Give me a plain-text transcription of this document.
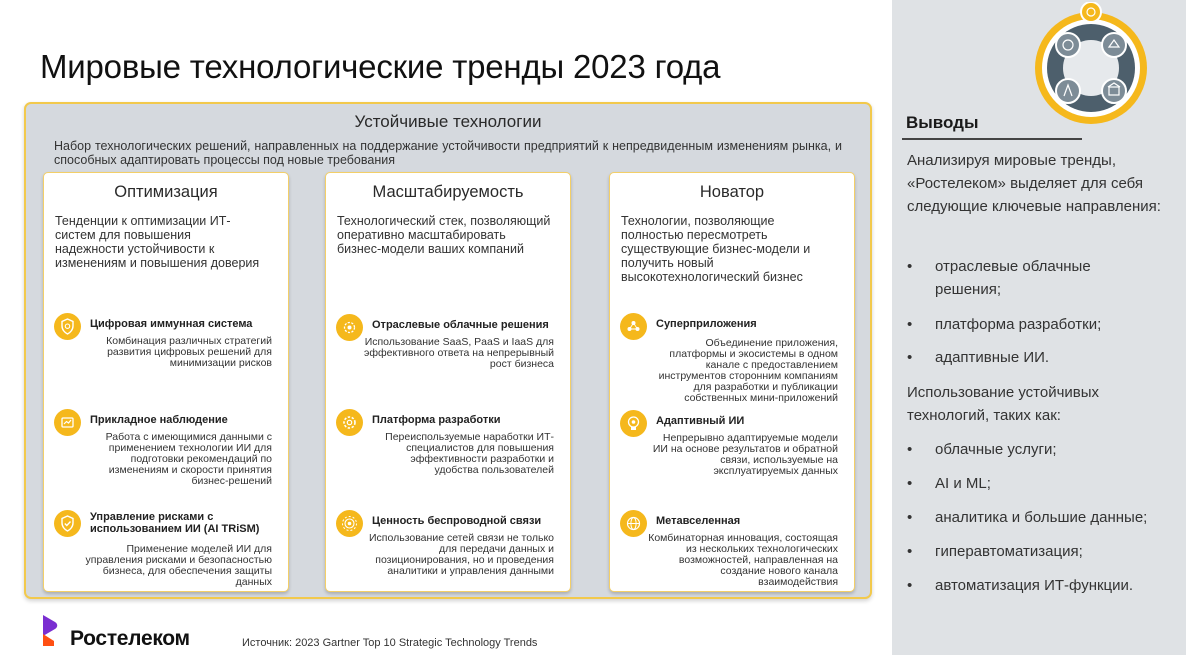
Мировые технологические тренды 2023 года
Устойчивые технологии
Набор технологических решений, направленных на поддержание устойчивости предприятий к непредвиденным изменениям рынка, и способных адаптировать процессы под новые требования
Оптимизация
Тенденции к оптимизации ИТ-систем для повышения надежности устойчивости к изменениям и повышения доверия
Цифровая иммунная система
Комбинация различных стратегий развития цифровых решений для минимизации рисков
Прикладное наблюдение
Работа с имеющимися данными с применением технологии ИИ для подготовки рекомендаций по изменениям и скорости принятия бизнес-решений
Управление рисками с использованием ИИ (AI TRiSM)
Применение моделей ИИ для управления рисками и безопасностью бизнеса, для обеспечения защиты данных
Масштабируемость
Технологический стек, позволяющий оперативно масштабировать бизнес-модели ваших компаний
Отраслевые облачные решения
Использование SaaS, PaaS и IaaS для эффективного ответа на непрерывный рост бизнеса
Платформа разработки
Переиспользуемые наработки ИТ-специалистов для повышения эффективности разработки и удобства пользователей
Ценность беспроводной связи
Использование сетей связи не только для передачи данных и позиционирования, но и проведения аналитики и управления данными
Новатор
Технологии, позволяющие полностью пересмотреть существующие бизнес-модели и получить новый высокотехнологический бизнес
Суперприложения
Объединение приложения, платформы и экосистемы в одном канале с предоставлением инструментов сторонним компаниям для разработки и публикации собственных мини-приложений
Адаптивный ИИ
Непрерывно адаптируемые модели ИИ на основе результатов и обратной связи, используемые на эксплуатируемых данных
Метавселенная
Комбинаторная инновация, состоящая из нескольких технологических возможностей, направленная на создание нового канала взаимодействия
Выводы
Анализируя мировые тренды, «Ростелеком» выделяет для себя следующие ключевые направления:
• отраслевые облачные решения;
• платформа разработки;
• адаптивные ИИ.
Использование устойчивых технологий, таких как:
• облачные услуги;
• AI и ML;
• аналитика и большие данные;
• гиперавтоматизация;
• автоматизация ИТ-функции.
Ростелеком	Источник: 2023 Gartner Top 10 Strategic Technology Trends
